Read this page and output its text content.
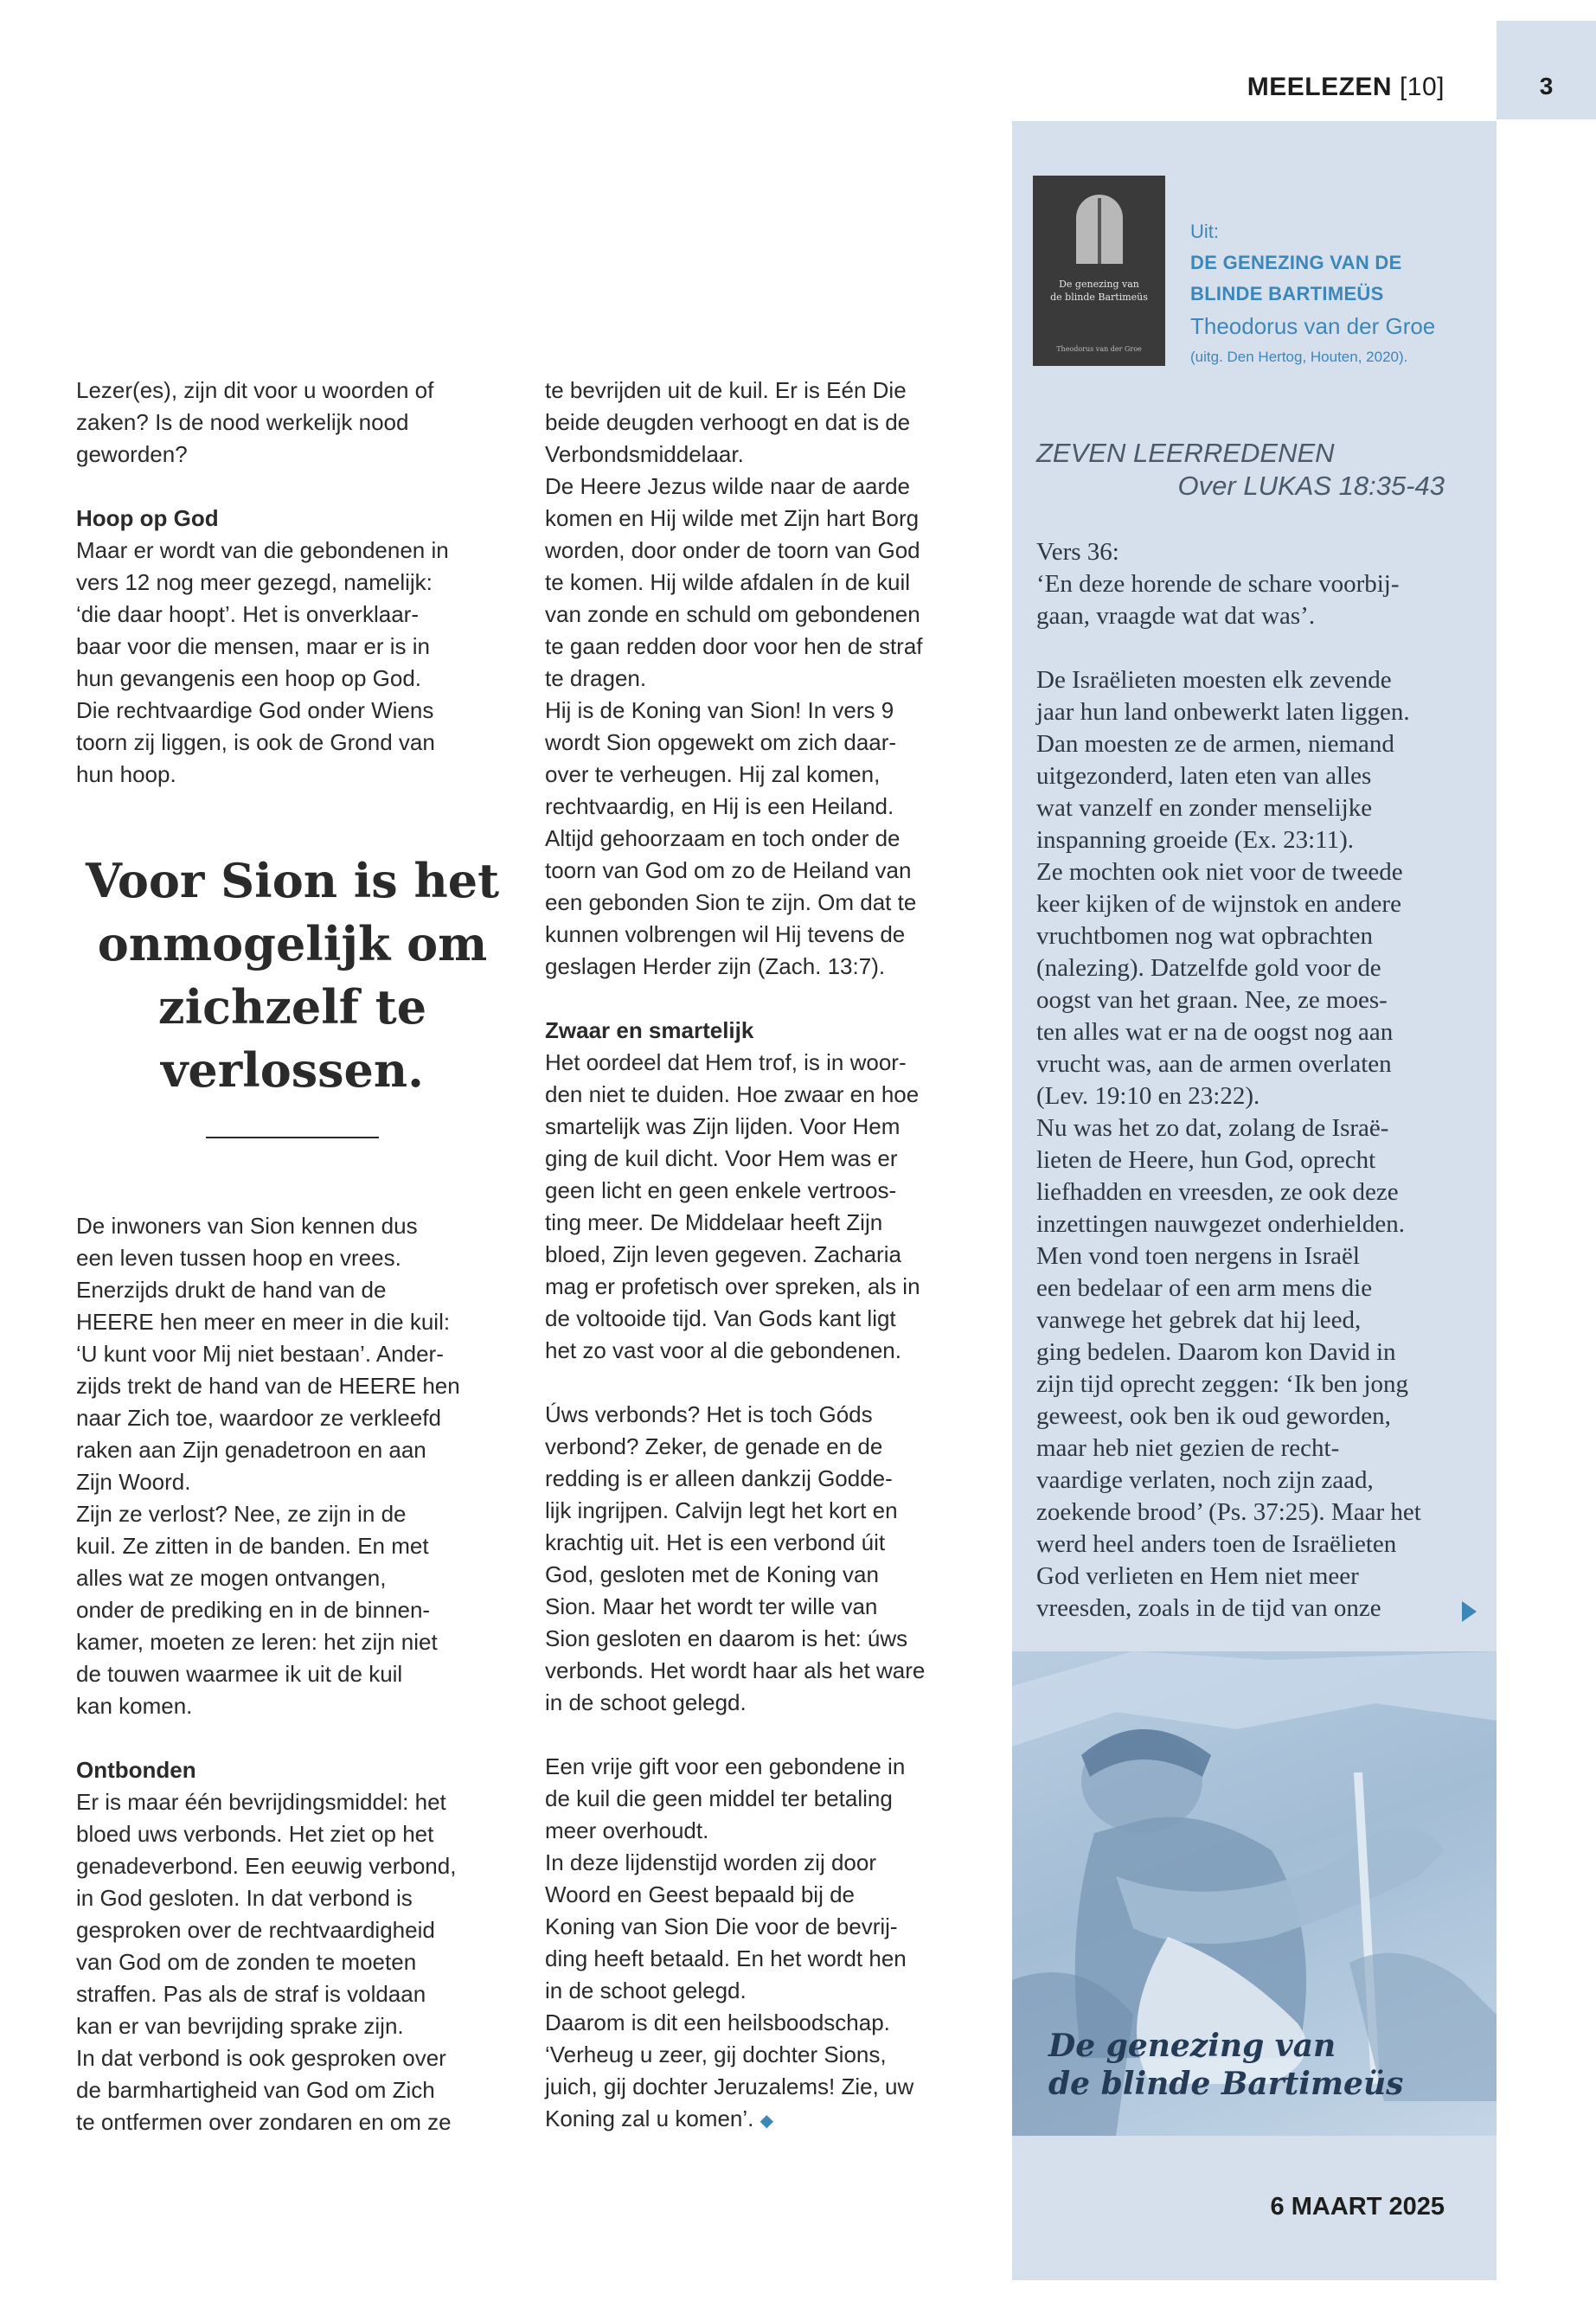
MEELEZEN [10]	3

Lezer(es), zijn dit voor u woorden of
zaken? Is de nood werkelijk nood
geworden?

Hoop op God

Maar er wordt van die gebondenen in
vers 12 nog meer gezegd, namelijk:
‘die daar hoopt’. Het is onverklaar-
baar voor die mensen, maar er is in
hun gevangenis een hoop op God.
Die rechtvaardige God onder Wiens
toorn zij liggen, is ook de Grond van
hun hoop.

Voor Sion is het onmogelijk om zichzelf te verlossen.

De inwoners van Sion kennen dus
een leven tussen hoop en vrees.
Enerzijds drukt de hand van de
HEERE hen meer en meer in die kuil:
‘U kunt voor Mij niet bestaan’. Ander-
zijds trekt de hand van de HEERE hen
naar Zich toe, waardoor ze verkleefd
raken aan Zijn genadetroon en aan
Zijn Woord.
Zijn ze verlost? Nee, ze zijn in de
kuil. Ze zitten in de banden. En met
alles wat ze mogen ontvangen,
onder de prediking en in de binnen-
kamer, moeten ze leren: het zijn niet
de touwen waarmee ik uit de kuil
kan komen.

Ontbonden

Er is maar één bevrijdingsmiddel: het
bloed uws verbonds. Het ziet op het
genadeverbond. Een eeuwig verbond,
in God gesloten. In dat verbond is
gesproken over de rechtvaardigheid
van God om de zonden te moeten
straffen. Pas als de straf is voldaan
kan er van bevrijding sprake zijn.
In dat verbond is ook gesproken over
de barmhartigheid van God om Zich
te ontfermen over zondaren en om ze

te bevrijden uit de kuil. Er is Eén Die
beide deugden verhoogt en dat is de
Verbondsmiddelaar.
De Heere Jezus wilde naar de aarde
komen en Hij wilde met Zijn hart Borg
worden, door onder de toorn van God
te komen. Hij wilde afdalen ín de kuil
van zonde en schuld om gebondenen
te gaan redden door voor hen de straf
te dragen.
Hij is de Koning van Sion! In vers 9
wordt Sion opgewekt om zich daar-
over te verheugen. Hij zal komen,
rechtvaardig, en Hij is een Heiland.
Altijd gehoorzaam en toch onder de
toorn van God om zo de Heiland van
een gebonden Sion te zijn. Om dat te
kunnen volbrengen wil Hij tevens de
geslagen Herder zijn (Zach. 13:7).

Zwaar en smartelijk

Het oordeel dat Hem trof, is in woor-
den niet te duiden. Hoe zwaar en hoe
smartelijk was Zijn lijden. Voor Hem
ging de kuil dicht. Voor Hem was er
geen licht en geen enkele vertroos-
ting meer. De Middelaar heeft Zijn
bloed, Zijn leven gegeven. Zacharia
mag er profetisch over spreken, als in
de voltooide tijd. Van Gods kant ligt
het zo vast voor al die gebondenen.

Úws verbonds? Het is toch Góds
verbond? Zeker, de genade en de
redding is er alleen dankzij Godde-
lijk ingrijpen. Calvijn legt het kort en
krachtig uit. Het is een verbond úit
God, gesloten met de Koning van
Sion. Maar het wordt ter wille van
Sion gesloten en daarom is het: úws
verbonds. Het wordt haar als het ware
in de schoot gelegd.

Een vrije gift voor een gebondene in
de kuil die geen middel ter betaling
meer overhoudt.
In deze lijdenstijd worden zij door
Woord en Geest bepaald bij de
Koning van Sion Die voor de bevrij-
ding heeft betaald. En het wordt hen
in de schoot gelegd.
Daarom is dit een heilsboodschap.
‘Verheug u zeer, gij dochter Sions,
juich, gij dochter Jeruzalems! Zie, uw
Koning zal u komen’. ◆

De genezing van
de blinde Bartimeüs
Theodorus van der Groe
Uit:
DE GENEZING VAN DE
BLINDE BARTIMEÜS
Theodorus van der Groe
(uitg. Den Hertog, Houten, 2020).
ZEVEN LEERREDENEN
Over LUKAS 18:35-43
Vers 36:
‘En deze horende de schare voorbij-
gaan, vraagde wat dat was’.

De Israëlieten moesten elk zevende
jaar hun land onbewerkt laten liggen.
Dan moesten ze de armen, niemand
uitgezonderd, laten eten van alles
wat vanzelf en zonder menselijke
inspanning groeide (Ex. 23:11).
Ze mochten ook niet voor de tweede
keer kijken of de wijnstok en andere
vruchtbomen nog wat opbrachten
(nalezing). Datzelfde gold voor de
oogst van het graan. Nee, ze moes-
ten alles wat er na de oogst nog aan
vrucht was, aan de armen overlaten
(Lev. 19:10 en 23:22).
Nu was het zo dat, zolang de Israë-
lieten de Heere, hun God, oprecht
liefhadden en vreesden, ze ook deze
inzettingen nauwgezet onderhielden.
Men vond toen nergens in Israël
een bedelaar of een arm mens die
vanwege het gebrek dat hij leed,
ging bedelen. Daarom kon David in
zijn tijd oprecht zeggen: ‘Ik ben jong
geweest, ook ben ik oud geworden,
maar heb niet gezien de recht-
vaardige verlaten, noch zijn zaad,
zoekende brood’ (Ps. 37:25). Maar het
werd heel anders toen de Israëlieten
God verlieten en Hem niet meer
vreesden, zoals in de tijd van onze
De genezing van
de blinde Bartimeüs
6 MAART 2025
